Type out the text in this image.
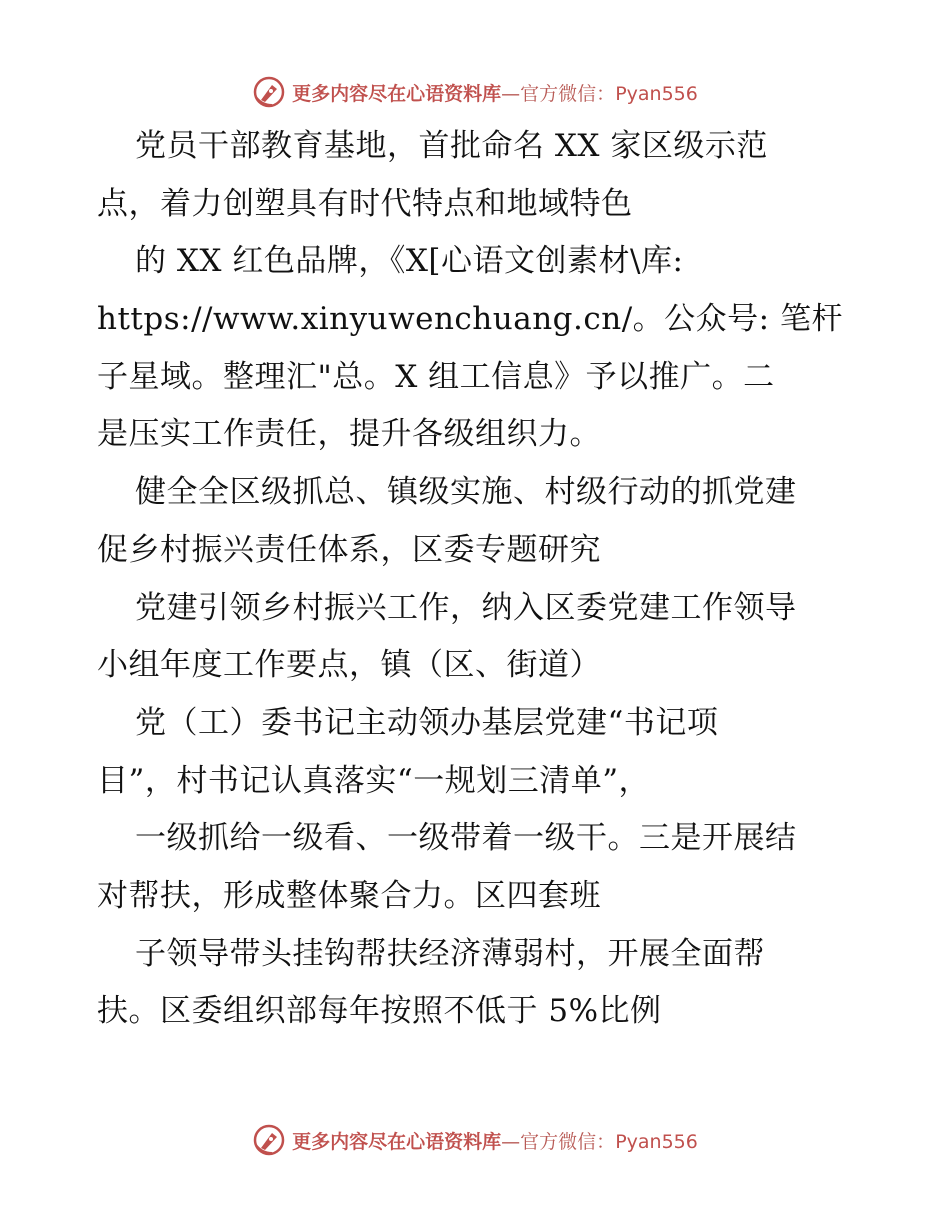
更多内容尽在心语资料库—官方微信：Pyan556
党员干部教育基地，首批命名 XX 家区级示范
点，着力创塑具有时代特点和地域特色
的 XX 红色品牌，《X[心语文创素材\库:
https://www.xinyuwenchuang.cn/。公众号: 笔杆
子星域。整理汇"总。X 组工信息》予以推广。二
是压实工作责任，提升各级组织力。
健全全区级抓总、镇级实施、村级行动的抓党建
促乡村振兴责任体系，区委专题研究
党建引领乡村振兴工作，纳入区委党建工作领导
小组年度工作要点，镇（区、街道）
党（工）委书记主动领办基层党建“书记项
目”，村书记认真落实“一规划三清单”，
一级抓给一级看、一级带着一级干。三是开展结
对帮扶，形成整体聚合力。区四套班
子领导带头挂钩帮扶经济薄弱村，开展全面帮
扶。区委组织部每年按照不低于 5%比例
更多内容尽在心语资料库—官方微信：Pyan556
